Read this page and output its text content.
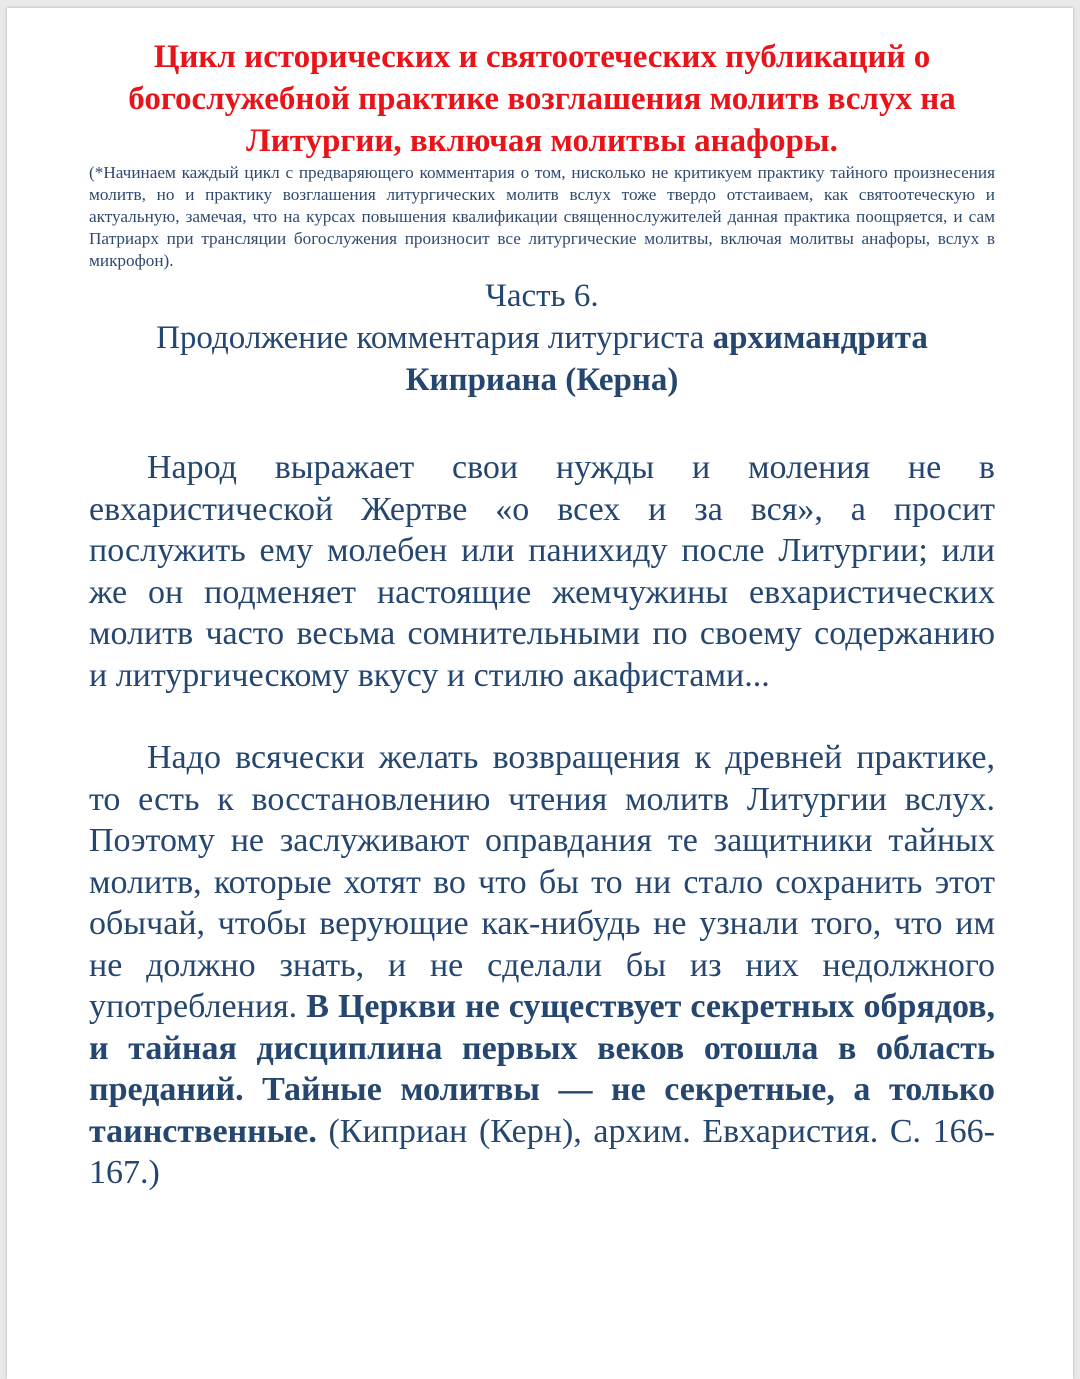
Цикл исторических и святоотеческих публикаций о богослужебной практике возглашения молитв вслух на Литургии, включая молитвы анафоры.

(*Начинаем каждый цикл с предваряющего комментария о том, нисколько не критикуем практику тайного произнесения молитв, но и практику возглашения литургических молитв вслух тоже твердо отстаиваем, как святоотеческую и актуальную, замечая, что на курсах повышения квалификации священнослужителей данная практика поощряется, и сам Патриарх при трансляции богослужения произносит все литургические молитвы, включая молитвы анафоры, вслух в микрофон).

Часть 6.

Продолжение комментария литургиста архимандрита Киприана (Керна)

Народ выражает свои нужды и моления не в евхаристической Жертве «о всех и за вся», а просит послужить ему молебен или панихиду после Литургии; или же он подменяет настоящие жемчужины евхаристических молитв часто весьма сомнительными по своему содержанию и литургическому вкусу и стилю акафистами...

Надо всячески желать возвращения к древней практике, то есть к восстановлению чтения молитв Литургии вслух. Поэтому не заслуживают оправдания те защитники тайных молитв, которые хотят во что бы то ни стало сохранить этот обычай, чтобы верующие как-нибудь не узнали того, что им не должно знать, и не сделали бы из них недолжного употребления. В Церкви не существует секретных обрядов, и тайная дисциплина первых веков отошла в область преданий. Тайные молитвы — не секретные, а только таинственные. (Киприан (Керн), архим. Евхаристия. С. 166-167.)
